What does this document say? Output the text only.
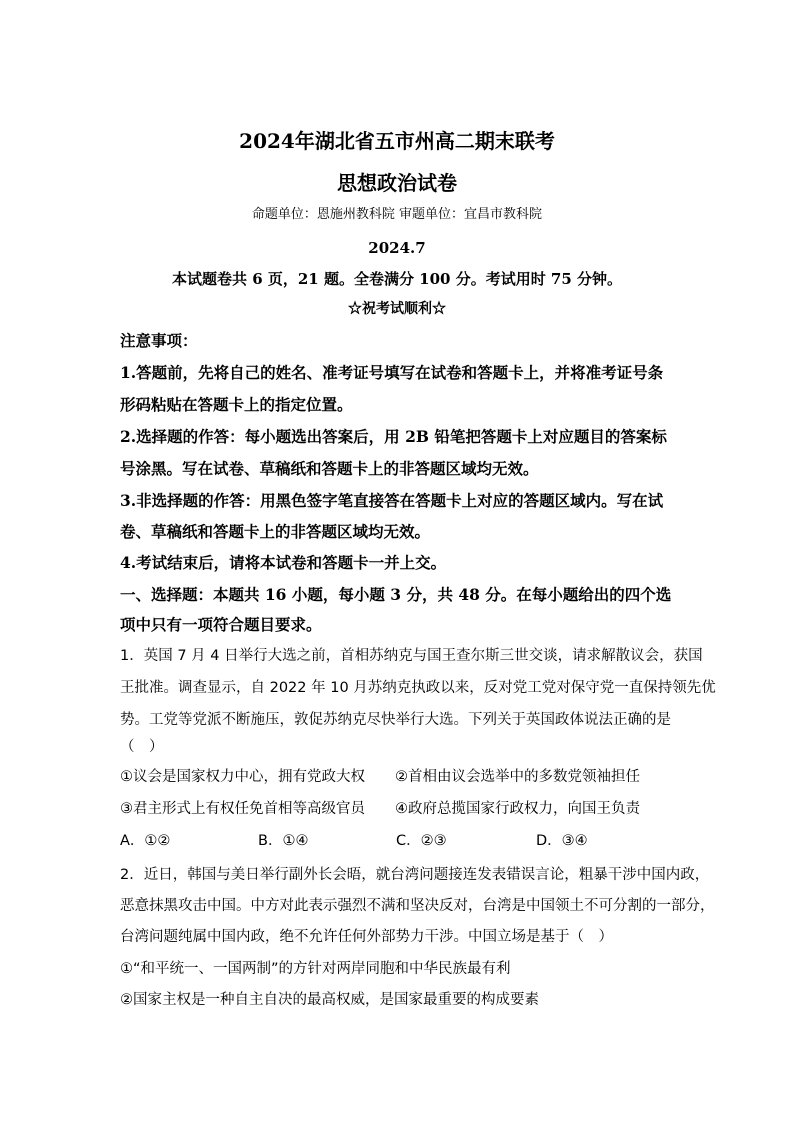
2024年湖北省五市州高二期末联考
思想政治试卷
命题单位：恩施州教科院 审题单位：宜昌市教科院
2024.7
本试题卷共 6 页，21 题。全卷满分 100 分。考试用时 75 分钟。
☆祝考试顺利☆
注意事项：
1.答题前，先将自己的姓名、准考证号填写在试卷和答题卡上，并将准考证号条
形码粘贴在答题卡上的指定位置。
2.选择题的作答：每小题选出答案后，用 2B 铅笔把答题卡上对应题目的答案标
号涂黑。写在试卷、草稿纸和答题卡上的非答题区域均无效。
3.非选择题的作答：用黑色签字笔直接答在答题卡上对应的答题区域内。写在试
卷、草稿纸和答题卡上的非答题区域均无效。
4.考试结束后，请将本试卷和答题卡一并上交。
一、选择题：本题共 16 小题，每小题 3 分，共 48 分。在每小题给出的四个选
项中只有一项符合题目要求。
1．英国 7 月 4 日举行大选之前，首相苏纳克与国王查尔斯三世交谈，请求解散议会，获国
王批准。调查显示，自 2022 年 10 月苏纳克执政以来，反对党工党对保守党一直保持领先优
势。工党等党派不断施压，敦促苏纳克尽快举行大选。下列关于英国政体说法正确的是
（　）
①议会是国家权力中心，拥有党政大权 ②首相由议会选举中的多数党领袖担任
③君主形式上有权任免首相等高级官员 ④政府总揽国家行政权力，向国王负责
A．①②	B．①④	C．②③	D．③④
2．近日，韩国与美日举行副外长会晤，就台湾问题接连发表错误言论，粗暴干涉中国内政，
恶意抹黑攻击中国。中方对此表示强烈不满和坚决反对，台湾是中国领土不可分割的一部分，
台湾问题纯属中国内政，绝不允许任何外部势力干涉。中国立场是基于（　）
①“和平统一、一国两制”的方针对两岸同胞和中华民族最有利
②国家主权是一种自主自决的最高权威，是国家最重要的构成要素
